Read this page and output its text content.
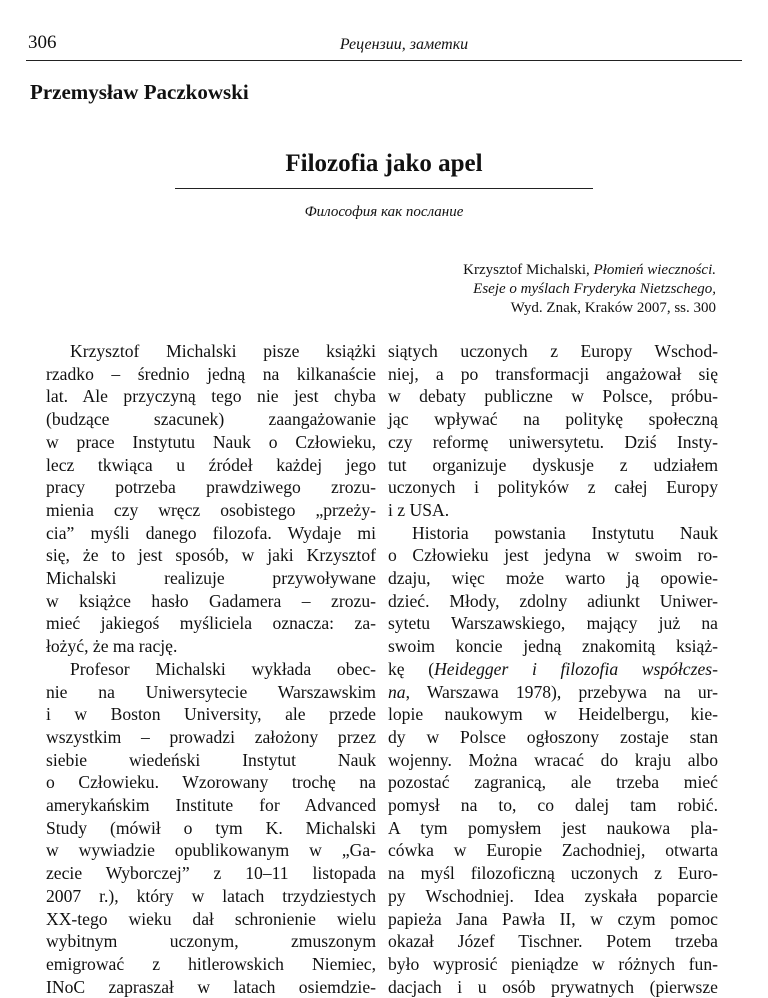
306	Рецензии, заметки
Przemysław Paczkowski
Filozofia jako apel
Философия как послание
Krzysztof Michalski, Płomień wieczności.
Eseje o myślach Fryderyka Nietzschego,
Wyd. Znak, Kraków 2007, ss. 300
Krzysztof Michalski pisze książki
rzadko – średnio jedną na kilkanaście
lat. Ale przyczyną tego nie jest chyba
(budzące szacunek) zaangażowanie
w prace Instytutu Nauk o Człowieku,
lecz tkwiąca u źródeł każdej jego
pracy potrzeba prawdziwego zrozu-
mienia czy wręcz osobistego „przeży-
cia” myśli danego filozofa. Wydaje mi
się, że to jest sposób, w jaki Krzysztof
Michalski realizuje przywoływane
w książce hasło Gadamera – zrozu-
mieć jakiegoś myśliciela oznacza: za-
łożyć, że ma rację.
Profesor Michalski wykłada obec-
nie na Uniwersytecie Warszawskim
i w Boston University, ale przede
wszystkim – prowadzi założony przez
siebie wiedeński Instytut Nauk
o Człowieku. Wzorowany trochę na
amerykańskim Institute for Advanced
Study (mówił o tym K. Michalski
w wywiadzie opublikowanym w „Ga-
zecie Wyborczej” z 10–11 listopada
2007 r.), który w latach trzydziestych
XX-tego wieku dał schronienie wielu
wybitnym uczonym, zmuszonym
emigrować z hitlerowskich Niemiec,
INoC zapraszał w latach osiemdzie-
siątych uczonych z Europy Wschod-
niej, a po transformacji angażował się
w debaty publiczne w Polsce, próbu-
jąc wpływać na politykę społeczną
czy reformę uniwersytetu. Dziś Insty-
tut organizuje dyskusje z udziałem
uczonych i polityków z całej Europy
i z USA.
Historia powstania Instytutu Nauk
o Człowieku jest jedyna w swoim ro-
dzaju, więc może warto ją opowie-
dzieć. Młody, zdolny adiunkt Uniwer-
sytetu Warszawskiego, mający już na
swoim koncie jedną znakomitą książ-
kę (Heidegger i filozofia współczes-
na, Warszawa 1978), przebywa na ur-
lopie naukowym w Heidelbergu, kie-
dy w Polsce ogłoszony zostaje stan
wojenny. Można wracać do kraju albo
pozostać zagranicą, ale trzeba mieć
pomysł na to, co dalej tam robić.
A tym pomysłem jest naukowa pla-
cówka w Europie Zachodniej, otwarta
na myśl filozoficzną uczonych z Euro-
py Wschodniej. Idea zyskała poparcie
papieża Jana Pawła II, w czym pomoc
okazał Józef Tischner. Potem trzeba
było wyprosić pieniądze w różnych fun-
dacjach i u osób prywatnych (pierwsze
